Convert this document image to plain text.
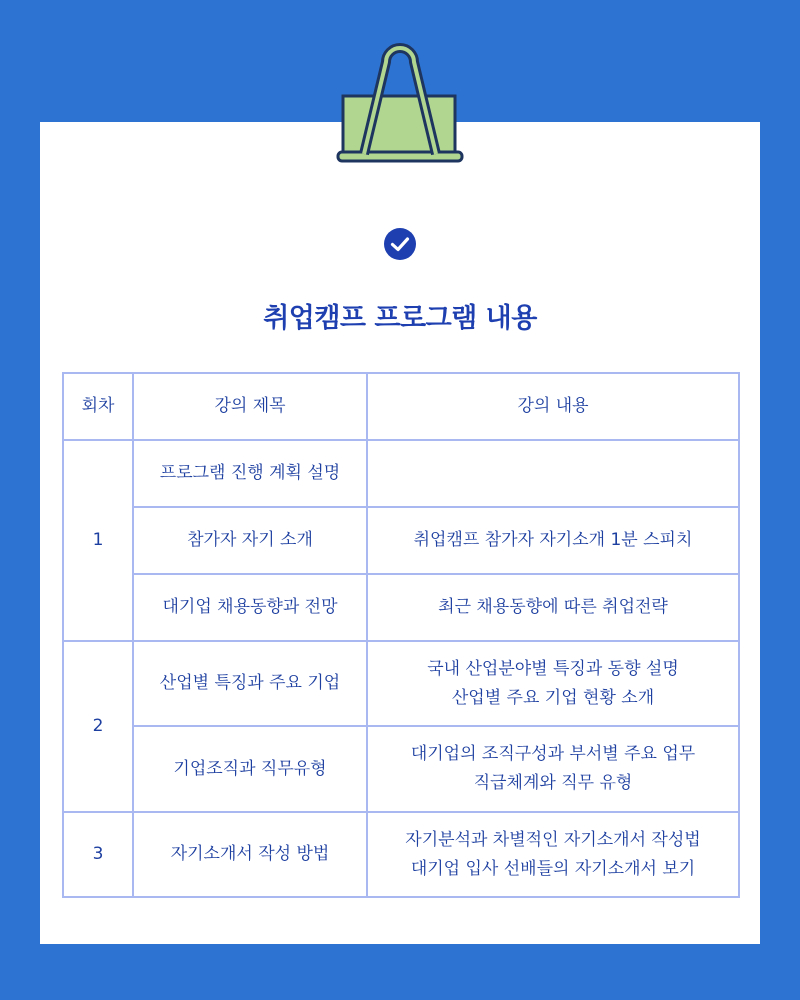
취업캠프 프로그램 내용
회차	강의 제목	강의 내용
1	프로그램 진행 계획 설명	
	참가자 자기 소개	취업캠프 참가자 자기소개 1분 스피치

	대기업 채용동향과 전망	최근 채용동향에 따른 취업전략

2	산업별 특징과 주요 기업	국내 산업분야별 특징과 동향 설명
산업별 주요 기업 현황 소개

	기업조직과 직무유형	대기업의 조직구성과 부서별 주요 업무
직급체계와 직무 유형

3	자기소개서 작성 방법	자기분석과 차별적인 자기소개서 작성법
대기업 입사 선배들의 자기소개서 보기
